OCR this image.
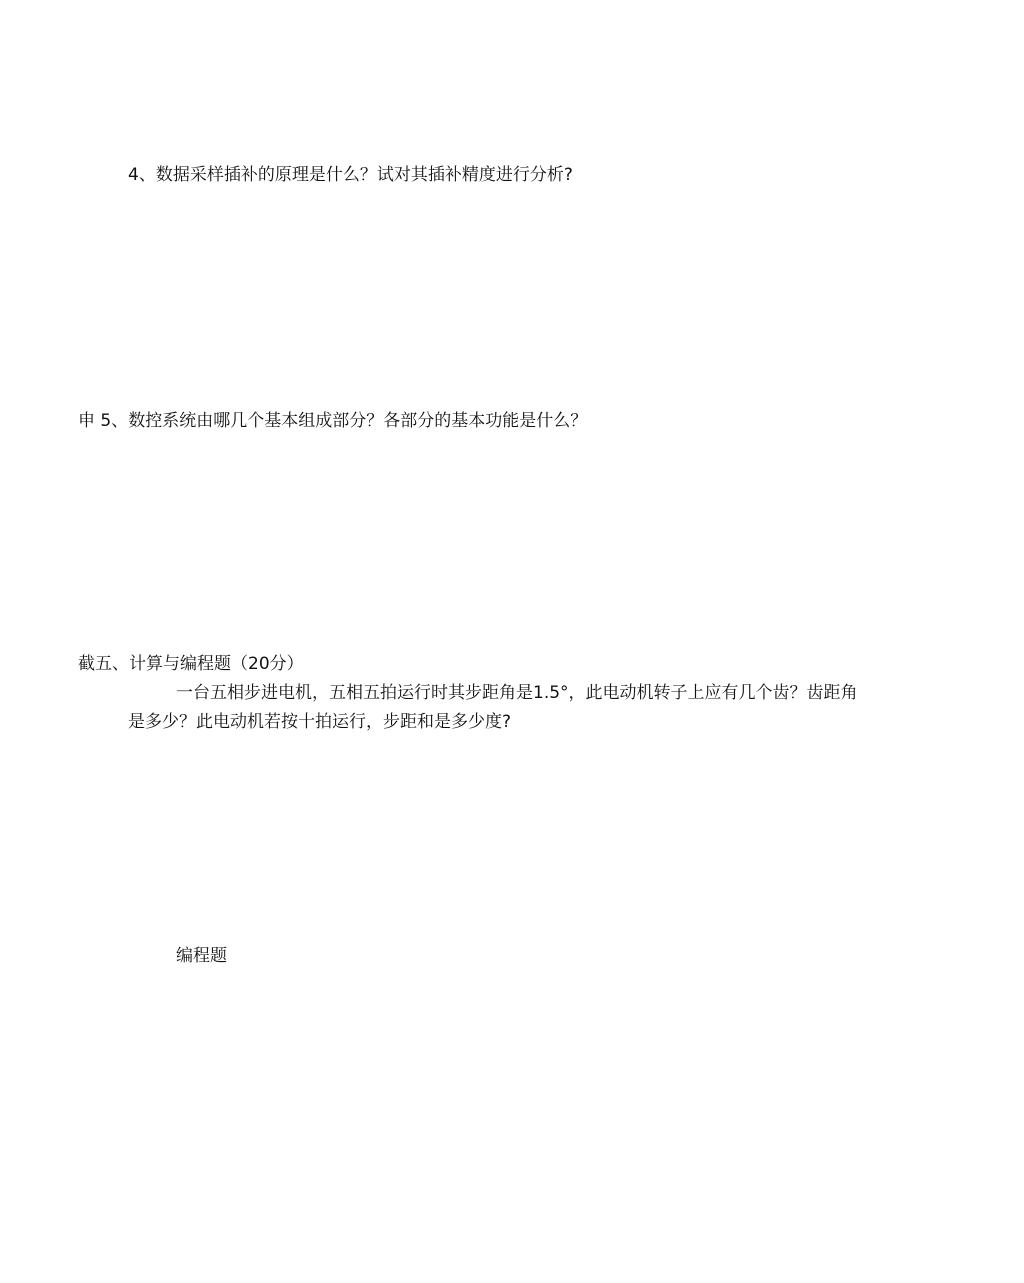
4、数据采样插补的原理是什么？试对其插补精度进行分析?
申 5、数控系统由哪几个基本组成部分？各部分的基本功能是什么？
截五、计算与编程题（20分）
一台五相步进电机，五相五拍运行时其步距角是1.5°，此电动机转子上应有几个齿？齿距角
是多少？此电动机若按十拍运行，步距和是多少度?
编程题
